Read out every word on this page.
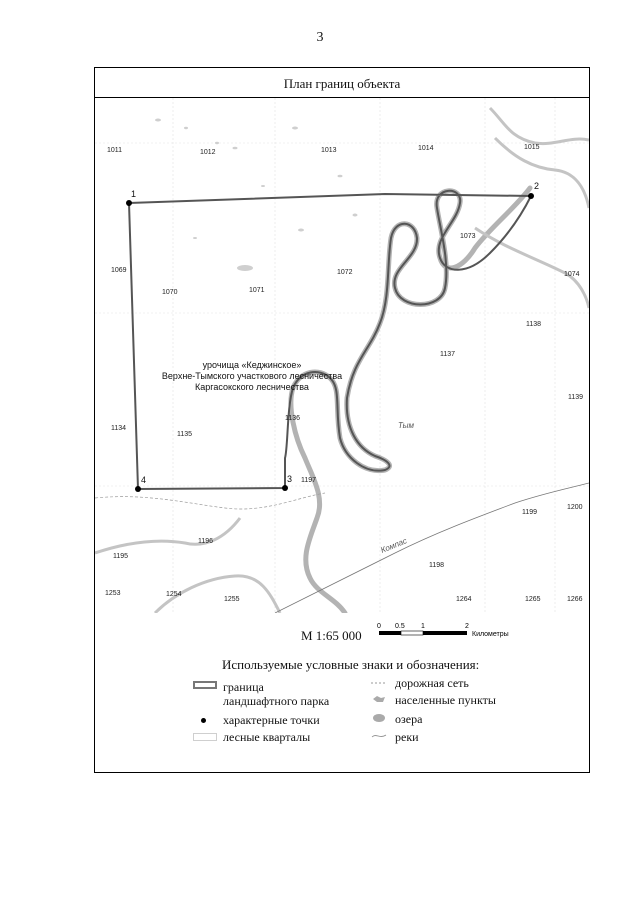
3
План границ объекта
1
2
3
4
1011	1012	1013	1014	1015
1069
1070	1071
1072
1073
1074
1134
1135
1136
1137
1138
1139
1195
1196
1197
1198
1199
1200
1253	1254
1255	1264	1265	1266
урочища «Кеджинское»
Верхне-Тымского участкового лесничества
Каргасокского лесничества
Тым
Компас
М 1:65 000
0 0.5 1	2
Километры
Используемые условные знаки и обозначения:
граница
ландшафтного парка
характерные точки
лесные кварталы
дорожная сеть
населенные пункты
озера
реки
